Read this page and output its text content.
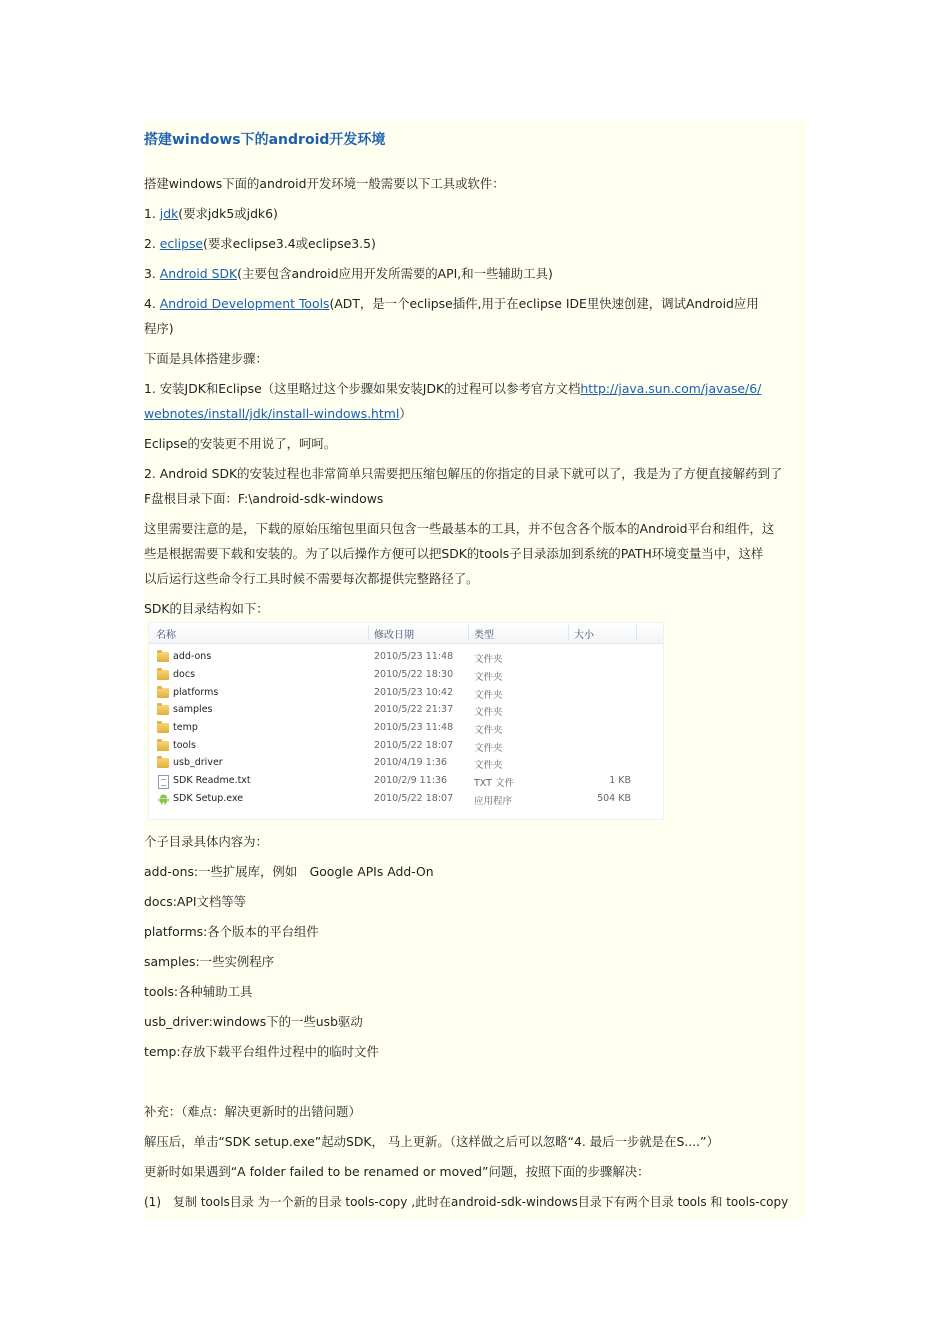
搭建windows下的android开发环境
搭建windows下面的android开发环境一般需要以下工具或软件：
1. jdk(要求jdk5或jdk6)
2. eclipse(要求eclipse3.4或eclipse3.5)
3. Android SDK(主要包含android应用开发所需要的API,和一些辅助工具)
4. Android Development Tools(ADT，是一个eclipse插件,用于在eclipse IDE里快速创建，调试Android应用
程序)
下面是具体搭建步骤：
1. 安装JDK和Eclipse（这里略过这个步骤如果安装JDK的过程可以参考官方文档http://java.sun.com/javase/6/
webnotes/install/jdk/install-windows.html）
Eclipse的安装更不用说了，呵呵。
2. Android SDK的安装过程也非常简单只需要把压缩包解压的你指定的目录下就可以了，我是为了方便直接解药到了
F盘根目录下面：F:\android-sdk-windows
这里需要注意的是，下载的原始压缩包里面只包含一些最基本的工具，并不包含各个版本的Android平台和组件，这
些是根据需要下载和安装的。为了以后操作方便可以把SDK的tools子目录添加到系统的PATH环境变量当中，这样
以后运行这些命令行工具时候不需要每次都提供完整路径了。
SDK的目录结构如下：
个子目录具体内容为：
add-ons:一些扩展库，例如　Google APIs Add-On
docs:API文档等等
platforms:各个版本的平台组件
samples:一些实例程序
tools:各种辅助工具
usb_driver:windows下的一些usb驱动
temp:存放下载平台组件过程中的临时文件
补充：（难点：解决更新时的出错问题）
解压后，单击“SDK setup.exe”起动SDK， 马上更新。（这样做之后可以忽略“4. 最后一步就是在S....”）
更新时如果遇到“A folder failed to be renamed or moved”问题，按照下面的步骤解决：
(1)　复制 tools目录 为一个新的目录 tools-copy ,此时在android-sdk-windows目录下有两个目录 tools 和 tools-copy
名称	修改日期	类型	大小
add-ons	2010/5/23 11:48 文件夹
docs	2010/5/22 18:30 文件夹
platforms	2010/5/23 10:42 文件夹
samples	2010/5/22 21:37 文件夹
temp	2010/5/23 11:48 文件夹
tools	2010/5/22 18:07 文件夹
usb_driver	2010/4/19 1:36	文件夹
SDK Readme.txt	2010/2/9 11:36	TXT 文件	1 KB
SDK Setup.exe	2010/5/22 18:07 应用程序	504 KB
